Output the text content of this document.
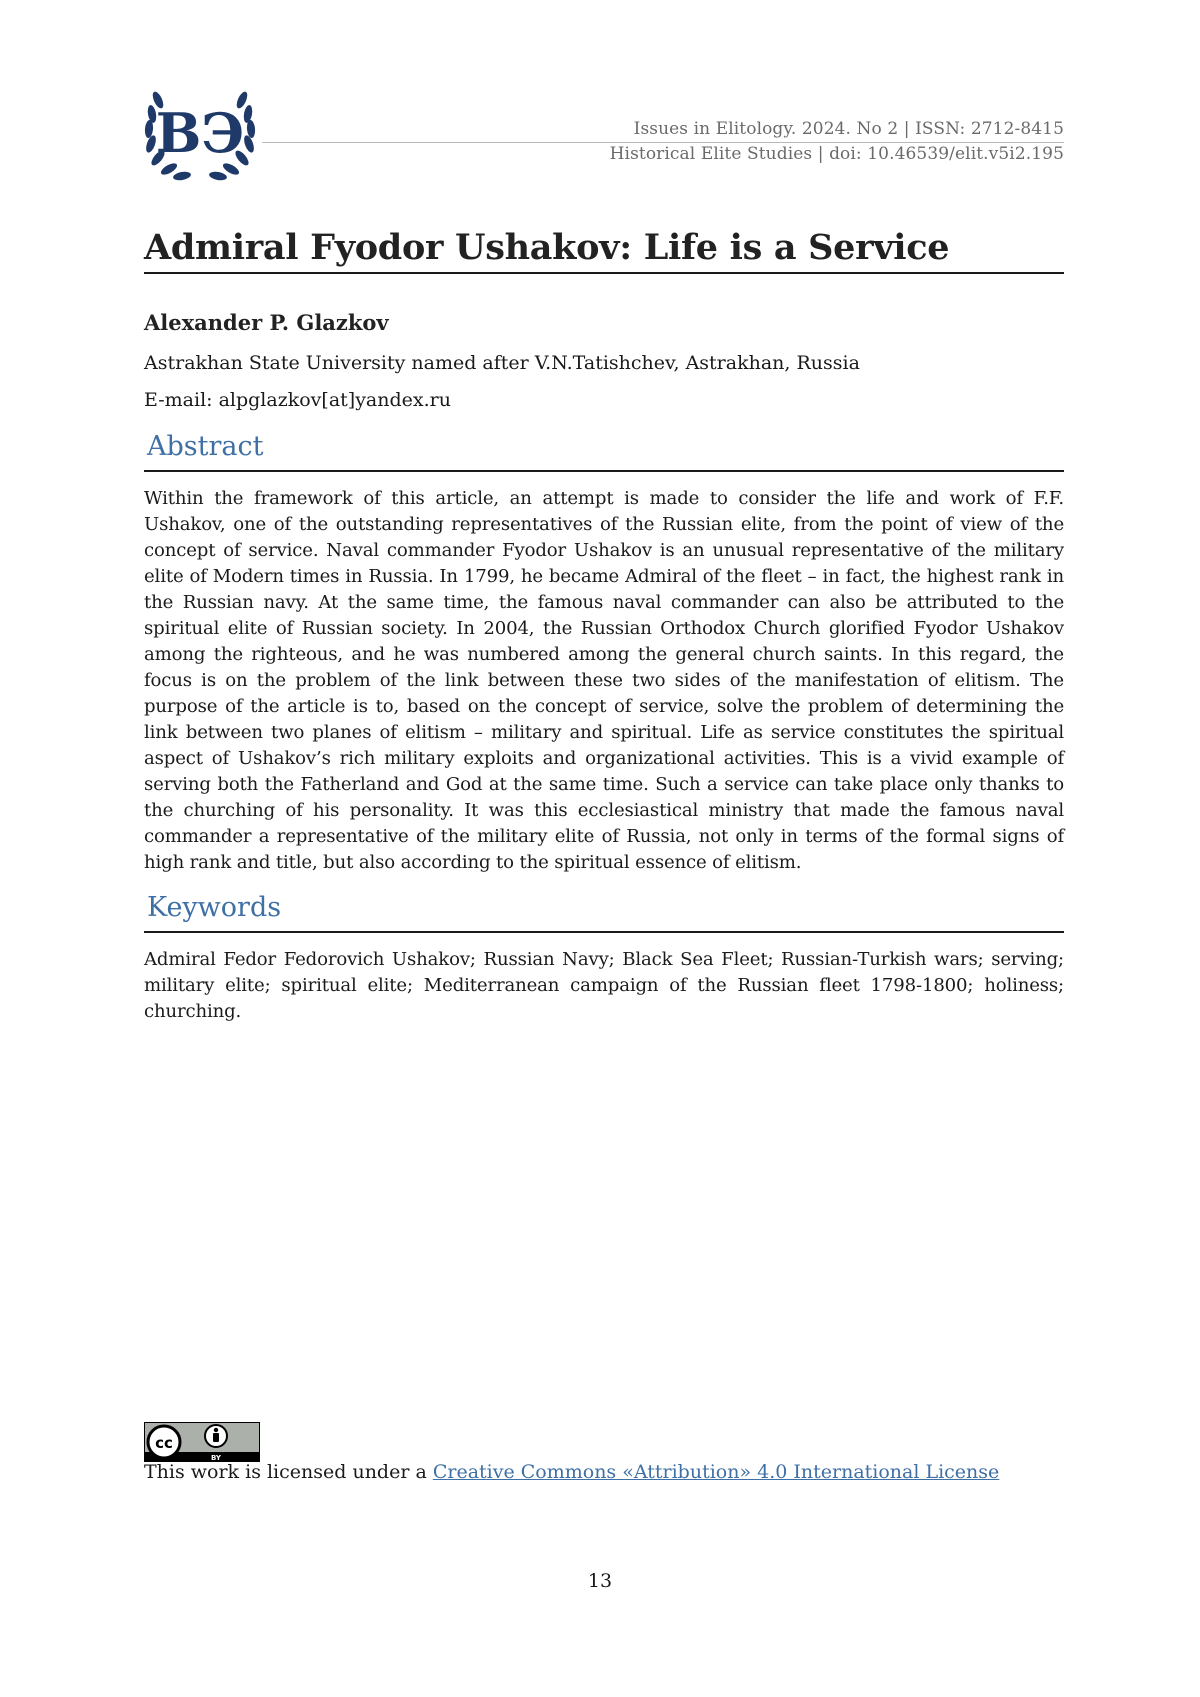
ВЭ	Issues in Elitology. 2024. No 2 | ISSN: 2712-8415
Historical Elite Studies | doi: 10.46539/elit.v5i2.195
Admiral Fyodor Ushakov: Life is a Service
Alexander P. Glazkov
Astrakhan State University named after V.N.Tatishchev, Astrakhan, Russia
E-mail: alpglazkov[at]yandex.ru
Abstract

Within the framework of this article, an attempt is made to consider the life and work of F.F. Ushakov, one of the outstanding representatives of the Russian elite, from the point of view of the concept of service. Naval commander Fyodor Ushakov is an unusual representative of the military elite of Modern times in Russia. In 1799, he became Admiral of the fleet – in fact, the highest rank in the Russian navy. At the same time, the famous naval commander can also be attributed to the spiritual elite of Russian society. In 2004, the Russian Orthodox Church glorified Fyodor Ushakov among the righteous, and he was numbered among the general church saints. In this regard, the focus is on the problem of the link between these two sides of the manifestation of elitism. The purpose of the article is to, based on the concept of service, solve the problem of determining the link between two planes of elitism – military and spiritual. Life as service constitutes the spiritual aspect of Ushakov’s rich military exploits and organizational activities. This is a vivid example of serving both the Fatherland and God at the same time. Such a service can take place only thanks to the churching of his personality. It was this ecclesiastical ministry that made the famous naval commander a representative of the military elite of Russia, not only in terms of the formal signs of high rank and title, but also according to the spiritual essence of elitism.

Keywords

Admiral Fedor Fedorovich Ushakov; Russian Navy; Black Sea Fleet; Russian-Turkish wars; serving; military elite; spiritual elite; Mediterranean campaign of the Russian fleet 1798-1800; holiness; churching.

cc
BY
This work is licensed under a Creative Commons «Attribution» 4.0 International License
13
